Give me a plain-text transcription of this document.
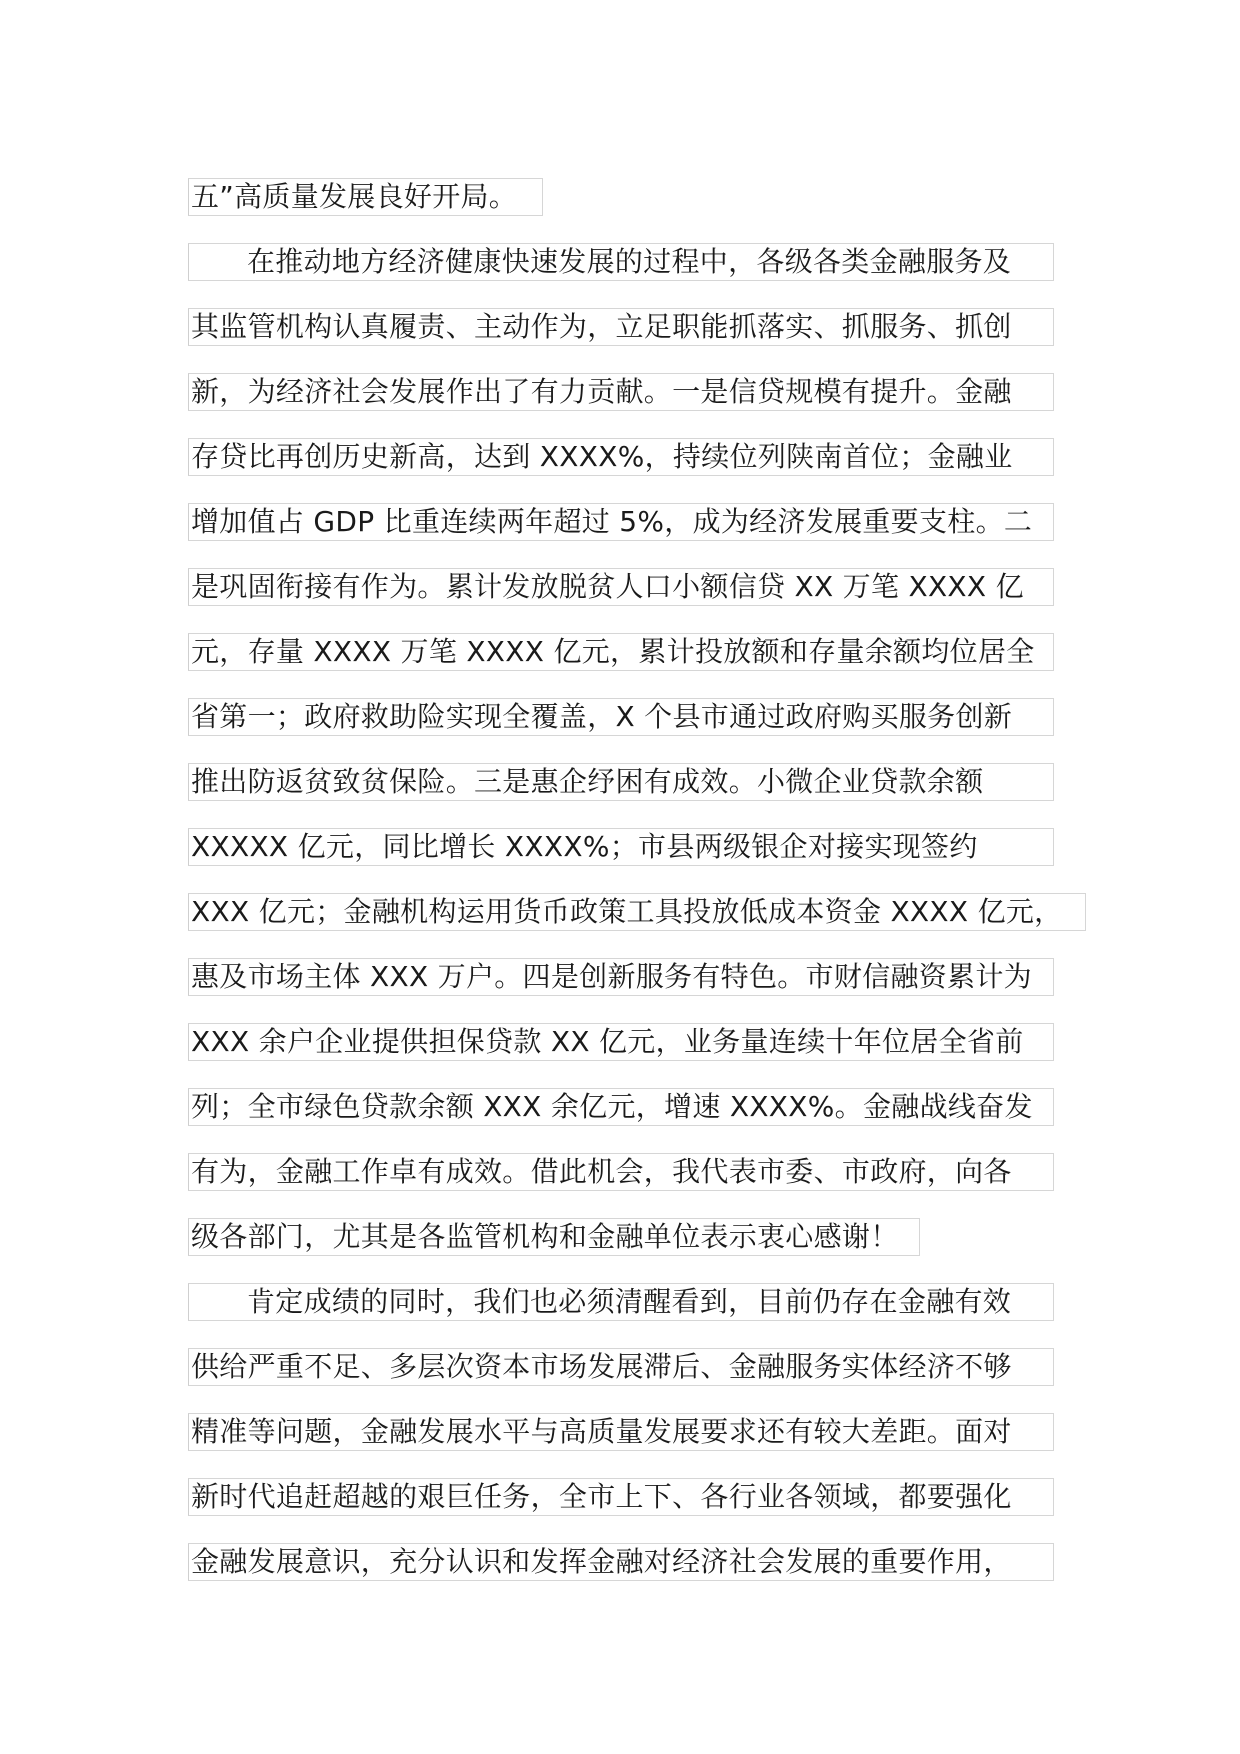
五”高质量发展良好开局。
在推动地方经济健康快速发展的过程中，各级各类金融服务及
其监管机构认真履责、主动作为，立足职能抓落实、抓服务、抓创
新，为经济社会发展作出了有力贡献。一是信贷规模有提升。金融
存贷比再创历史新高，达到 XXXX%，持续位列陕南首位；金融业
增加值占 GDP 比重连续两年超过 5%，成为经济发展重要支柱。二
是巩固衔接有作为。累计发放脱贫人口小额信贷 XX 万笔 XXXX 亿
元，存量 XXXX 万笔 XXXX 亿元，累计投放额和存量余额均位居全
省第一；政府救助险实现全覆盖，X 个县市通过政府购买服务创新
推出防返贫致贫保险。三是惠企纾困有成效。小微企业贷款余额
XXXXX 亿元，同比增长 XXXX%；市县两级银企对接实现签约
XXX 亿元；金融机构运用货币政策工具投放低成本资金 XXXX 亿元，
惠及市场主体 XXX 万户。四是创新服务有特色。市财信融资累计为
XXX 余户企业提供担保贷款 XX 亿元，业务量连续十年位居全省前
列；全市绿色贷款余额 XXX 余亿元，增速 XXXX%。金融战线奋发
有为，金融工作卓有成效。借此机会，我代表市委、市政府，向各
级各部门，尤其是各监管机构和金融单位表示衷心感谢！
肯定成绩的同时，我们也必须清醒看到，目前仍存在金融有效
供给严重不足、多层次资本市场发展滞后、金融服务实体经济不够
精准等问题，金融发展水平与高质量发展要求还有较大差距。面对
新时代追赶超越的艰巨任务，全市上下、各行业各领域，都要强化
金融发展意识，充分认识和发挥金融对经济社会发展的重要作用，
